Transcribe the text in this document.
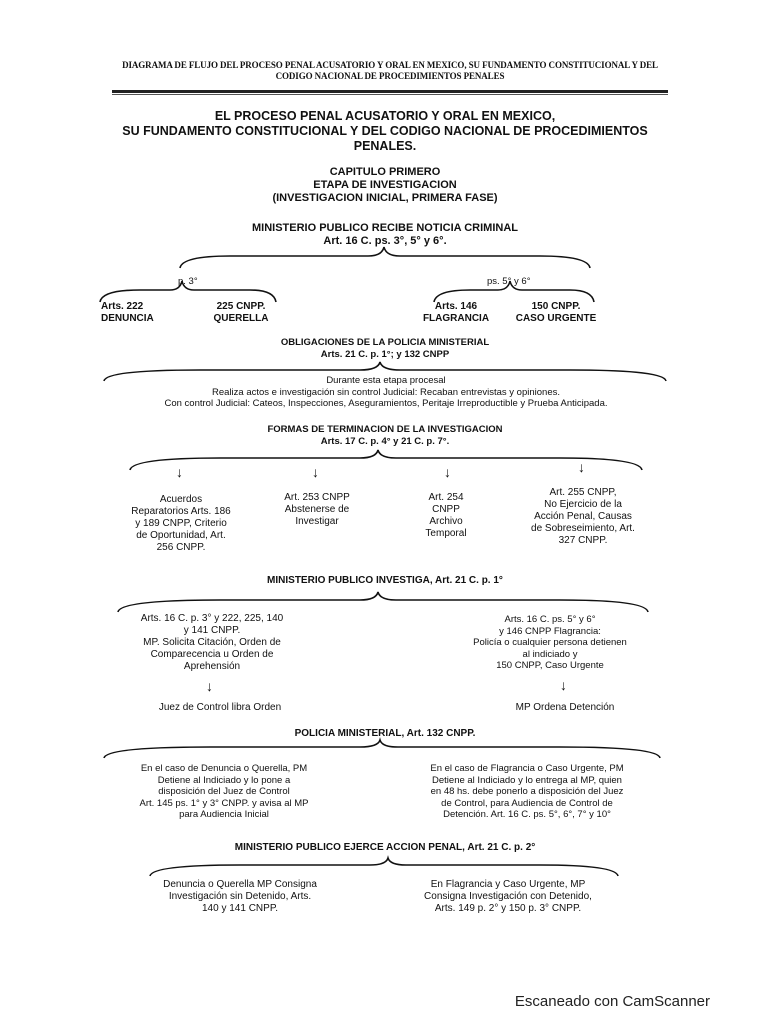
DIAGRAMA DE FLUJO DEL PROCESO PENAL ACUSATORIO Y ORAL EN MEXICO, SU FUNDAMENTO CONSTITUCIONAL Y DEL
CODIGO NACIONAL DE PROCEDIMIENTOS PENALES
EL PROCESO PENAL ACUSATORIO Y ORAL EN MEXICO,
SU FUNDAMENTO CONSTITUCIONAL Y DEL CODIGO NACIONAL DE PROCEDIMIENTOS
PENALES.
CAPITULO PRIMERO
ETAPA DE INVESTIGACION
(INVESTIGACION INICIAL, PRIMERA FASE)
MINISTERIO PUBLICO RECIBE NOTICIA CRIMINAL
Art. 16 C. ps. 3°, 5° y 6°.
p. 3°	ps. 5° y 6°
Arts. 222
DENUNCIA
225 CNPP.
QUERELLA
Arts. 146
FLAGRANCIA
150 CNPP.
CASO URGENTE
OBLIGACIONES DE LA POLICIA MINISTERIAL
Arts. 21 C. p. 1°; y 132 CNPP
Durante esta etapa procesal
Realiza actos e investigación sin control Judicial: Recaban entrevistas y opiniones.
Con control Judicial: Cateos, Inspecciones, Aseguramientos, Peritaje Irreproductible y Prueba Anticipada.
FORMAS DE TERMINACION DE LA INVESTIGACION
Arts. 17 C. p. 4° y 21 C. p. 7°.
↓	↓	↓	↓
Acuerdos
Reparatorios Arts. 186
y 189 CNPP, Criterio
de Oportunidad, Art.
256 CNPP.
Art. 253 CNPP
Abstenerse de
Investigar
Art. 254
CNPP
Archivo
Temporal
Art. 255 CNPP,
No Ejercicio de la
Acción Penal, Causas
de Sobreseimiento, Art.
327 CNPP.
MINISTERIO PUBLICO INVESTIGA, Art. 21 C. p. 1°
Arts. 16 C. p. 3° y 222, 225, 140
y 141 CNPP.
MP. Solicita Citación, Orden de
Comparecencia u Orden de
Aprehensión
↓
Juez de Control libra Orden
Arts. 16 C. ps. 5° y 6°
y 146 CNPP Flagrancia:
Policía o cualquier persona detienen
al indiciado y
150 CNPP, Caso Urgente
↓
MP Ordena Detención
POLICIA MINISTERIAL, Art. 132 CNPP.
En el caso de Denuncia o Querella, PM
Detiene al Indiciado y lo pone a
disposición del Juez de Control
Art. 145 ps. 1° y 3° CNPP. y avisa al MP
para Audiencia Inicial
En el caso de Flagrancia o Caso Urgente, PM
Detiene al Indiciado y lo entrega al MP, quien
en 48 hs. debe ponerlo a disposición del Juez
de Control, para Audiencia de Control de
Detención. Art. 16 C. ps. 5°, 6°, 7° y 10°
MINISTERIO PUBLICO EJERCE ACCION PENAL, Art. 21 C. p. 2°
Denuncia o Querella MP Consigna
Investigación sin Detenido, Arts.
140 y 141 CNPP.
En Flagrancia y Caso Urgente, MP
Consigna Investigación con Detenido,
Arts. 149 p. 2° y 150 p. 3° CNPP.
Escaneado con CamScanner
